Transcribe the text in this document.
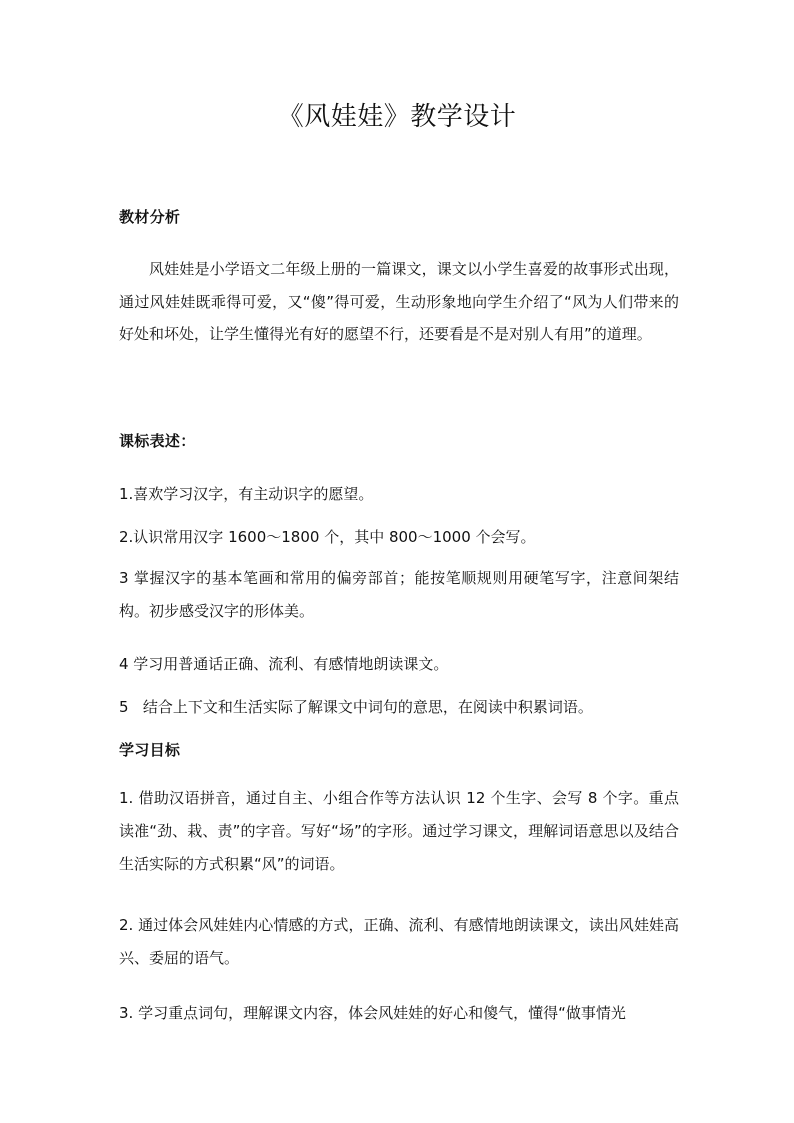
《风娃娃》教学设计
教材分析

风娃娃是小学语文二年级上册的一篇课文，课文以小学生喜爱的故事形式出现，通过风娃娃既乖得可爱，又“傻”得可爱，生动形象地向学生介绍了“风为人们带来的好处和坏处，让学生懂得光有好的愿望不行，还要看是不是对别人有用”的道理。

课标表述：
1.喜欢学习汉字，有主动识字的愿望。
2.认识常用汉字 1600～1800 个，其中 800～1000 个会写。

3 掌握汉字的基本笔画和常用的偏旁部首；能按笔顺规则用硬笔写字，注意间架结构。初步感受汉字的形体美。

4 学习用普通话正确、流利、有感情地朗读课文。
5   结合上下文和生活实际了解课文中词句的意思，在阅读中积累词语。
学习目标

1. 借助汉语拼音，通过自主、小组合作等方法认识 12 个生字、会写 8 个字。重点读准“劲、栽、责”的字音。写好“场”的字形。通过学习课文，理解词语意思以及结合生活实际的方式积累“风”的词语。

2. 通过体会风娃娃内心情感的方式，正确、流利、有感情地朗读课文，读出风娃娃高兴、委屈的语气。

3. 学习重点词句，理解课文内容，体会风娃娃的好心和傻气，懂得“做事情光
